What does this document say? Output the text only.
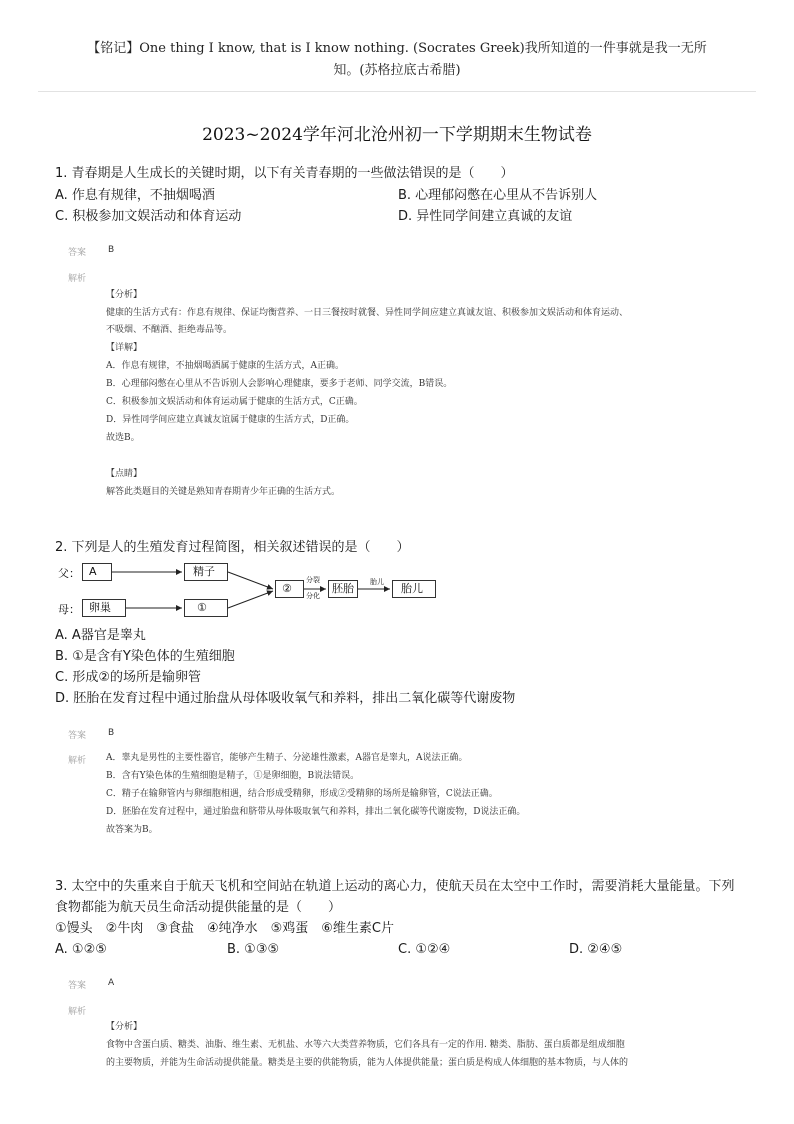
【铭记】One thing I know, that is I know nothing. (Socrates Greek)我所知道的一件事就是我一无所
知。(苏格拉底古希腊)
2023~2024学年河北沧州初一下学期期末生物试卷
1. 青春期是人生成长的关键时期，以下有关青春期的一些做法错误的是（　　）
A. 作息有规律，不抽烟喝酒	B. 心理郁闷憋在心里从不告诉别人
C. 积极参加文娱活动和体育运动	D. 异性同学间建立真诚的友谊
答案 B
解析
【分析】
健康的生活方式有：作息有规律、保证均衡营养、一日三餐按时就餐、异性同学间应建立真诚友谊、积极参加文娱活动和体育运动、
不吸烟、不酗酒、拒绝毒品等。
【详解】
A．作息有规律，不抽烟喝酒属于健康的生活方式，A正确。
B．心理郁闷憋在心里从不告诉别人会影响心理健康，要多于老师、同学交流，B错误。
C．积极参加文娱活动和体育运动属于健康的生活方式，C正确。
D．异性同学间应建立真诚友谊属于健康的生活方式，D正确。
故选B。
【点睛】
解答此类题目的关键是熟知青春期青少年正确的生活方式。
2. 下列是人的生殖发育过程简图，相关叙述错误的是（　　）
父：
母：
A	精子
卵巢	①
②
分裂
分化
胚胎	胎儿	胎儿
A. A器官是睾丸
B. ①是含有Y染色体的生殖细胞
C. 形成②的场所是输卵管
D. 胚胎在发育过程中通过胎盘从母体吸收氧气和养料，排出二氧化碳等代谢废物
答案 B
解析 A．睾丸是男性的主要性器官，能够产生精子、分泌雄性激素，A器官是睾丸，A说法正确。
B．含有Y染色体的生殖细胞是精子，①是卵细胞，B说法错误。
C．精子在输卵管内与卵细胞相遇，结合形成受精卵，形成②受精卵的场所是输卵管，C说法正确。
D．胚胎在发育过程中，通过胎盘和脐带从母体吸取氧气和养料，排出二氧化碳等代谢废物，D说法正确。
故答案为B。
3. 太空中的失重来自于航天飞机和空间站在轨道上运动的离心力，使航天员在太空中工作时，需要消耗大量能量。下列
食物都能为航天员生命活动提供能量的是（　　）
①馒头　②牛肉　③食盐　④纯净水　⑤鸡蛋　⑥维生素C片
A. ①②⑤	B. ①③⑤	C. ①②④	D. ②④⑤
答案 A
解析
【分析】
食物中含蛋白质、糖类、油脂、维生素、无机盐、水等六大类营养物质，它们各具有一定的作用. 糖类、脂肪、蛋白质都是组成细胞
的主要物质，并能为生命活动提供能量。糖类是主要的供能物质，能为人体提供能量；蛋白质是构成人体细胞的基本物质，与人体的
